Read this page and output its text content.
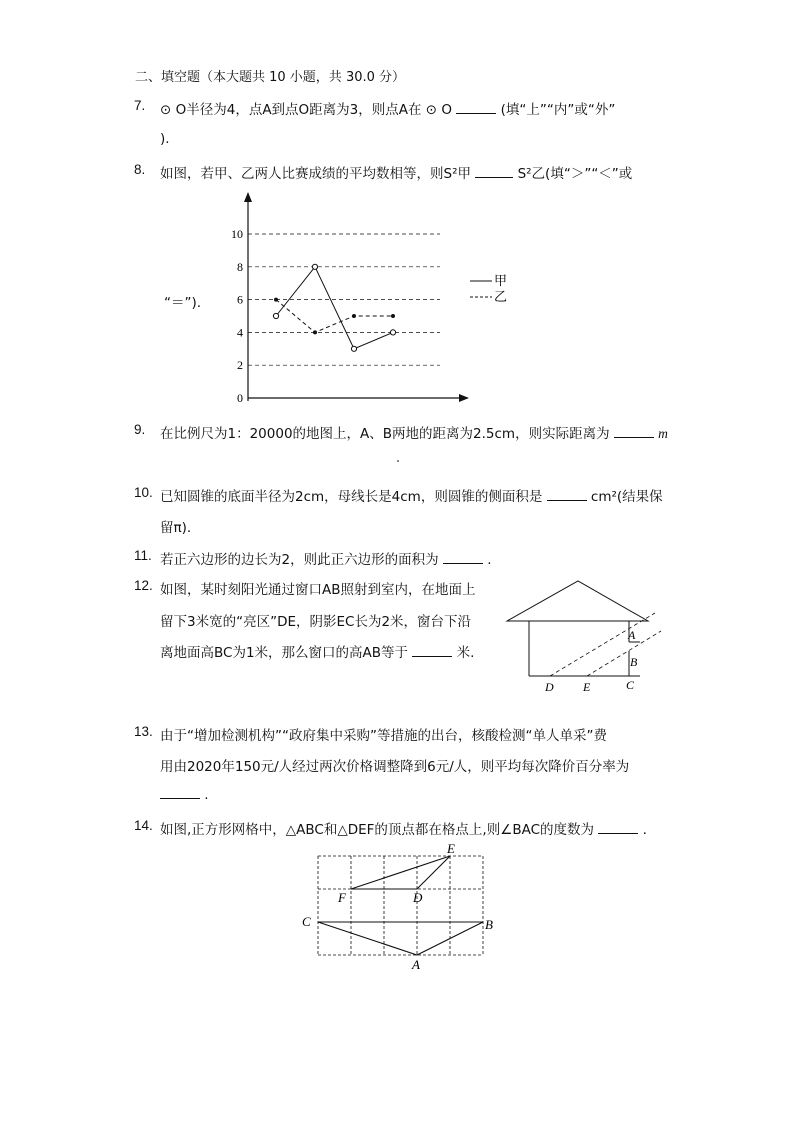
二、填空题（本大题共 10 小题，共 30.0 分）
7. ⊙ O半径为4，点A到点O距离为3，则点A在 ⊙ O	(填“上”“内”或“外”
).
8. 如图，若甲、乙两人比赛成绩的平均数相等，则S²甲	S²乙(填“＞”“＜”或
“＝”).
0
2
4
6
8
10
甲
乙
9. 在比例尺为1：20000的地图上，A、B两地的距离为2.5cm，则实际距离为	m
10. 已知圆锥的底面半径为2cm，母线长是4cm，则圆锥的侧面积是	cm²(结果保
留π).
11. 若正六边形的边长为2，则此正六边形的面积为	.
12. 如图，某时刻阳光通过窗口AB照射到室内，在地面上
留下3米宽的“亮区”DE，阴影EC长为2米，窗台下沿
离地面高BC为1米，那么窗口的高AB等于	米.
A
B
C
D E
13. 由于“增加检测机构”“政府集中采购”等措施的出台，核酸检测“单人单采”费
用由2020年150元/人经过两次价格调整降到6元/人，则平均每次降价百分率为
.
14. 如图,正方形网格中，△ABC和△DEF的顶点都在格点上,则∠BAC的度数为	.
E
F	D
C	B
A
